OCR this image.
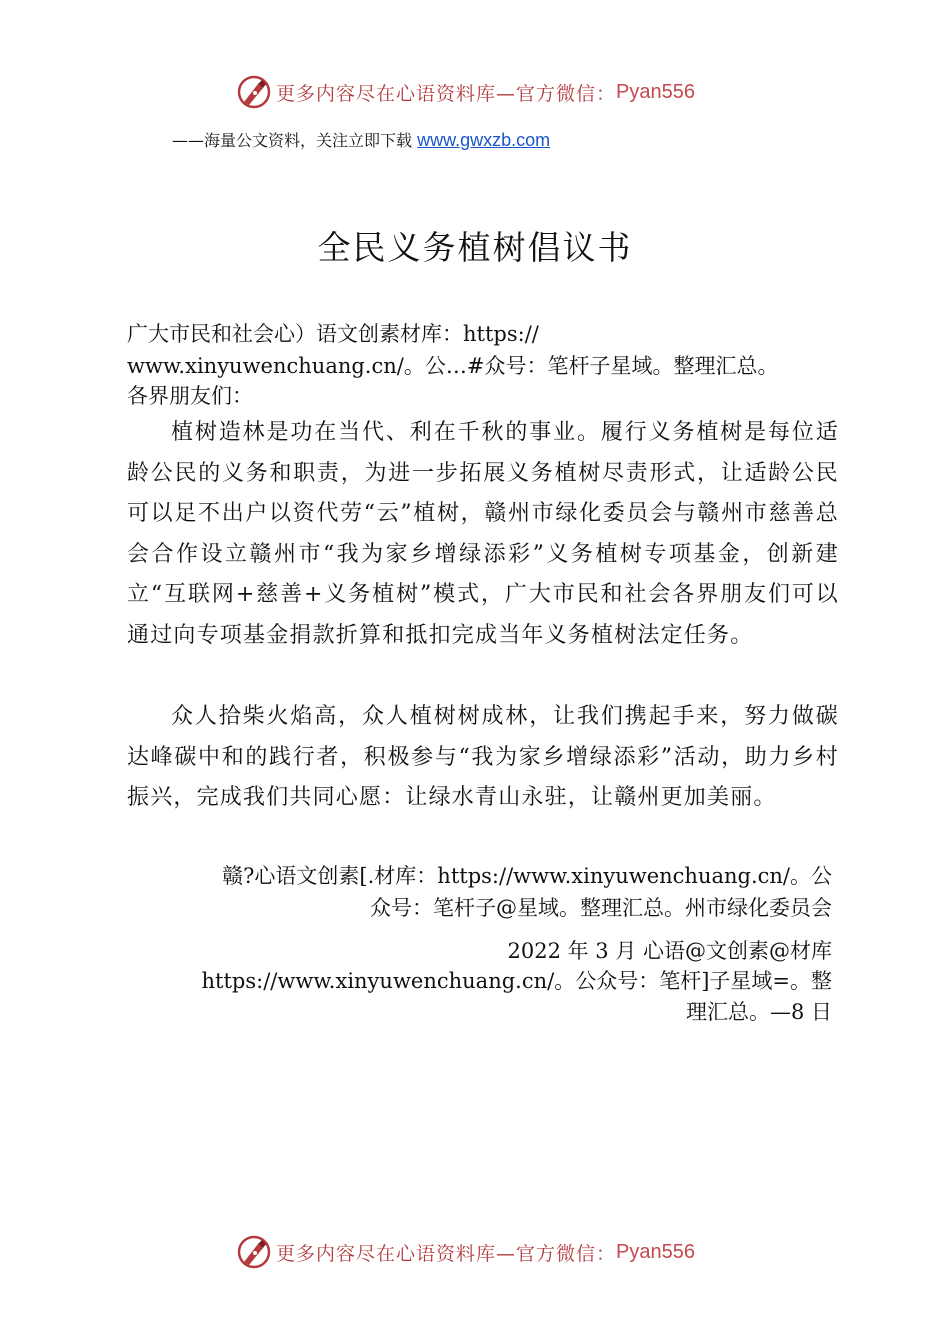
更多内容尽在心语资料库—官方微信： Pyan556
——海量公文资料，关注立即下载 www.gwxzb.com
全民义务植树倡议书
广大市民和社会心）语文创素材库：https://
www.xinyuwenchuang.cn/。公…#众号：笔杆子星域。整理汇总。
各界朋友们：

植树造林是功在当代、利在千秋的事业。履行义务植树是每位适龄公民的义务和职责，为进一步拓展义务植树尽责形式，让适龄公民可以足不出户以资代劳“云”植树，赣州市绿化委员会与赣州市慈善总会合作设立赣州市“我为家乡增绿添彩”义务植树专项基金，创新建立“互联网+慈善+义务植树”模式，广大市民和社会各界朋友们可以通过向专项基金捐款折算和抵扣完成当年义务植树法定任务。

众人拾柴火焰高，众人植树树成林，让我们携起手来，努力做碳达峰碳中和的践行者，积极参与“我为家乡增绿添彩”活动，助力乡村振兴，完成我们共同心愿：让绿水青山永驻，让赣州更加美丽。

赣?心语文创素[.材库：https://www.xinyuwenchuang.cn/。公
众号：笔杆子@星域。整理汇总。州市绿化委员会
2022 年 3 月 心语@文创素@材库
https://www.xinyuwenchuang.cn/。公众号：笔杆]子星域=。整
理汇总。—8 日
更多内容尽在心语资料库—官方微信： Pyan556
